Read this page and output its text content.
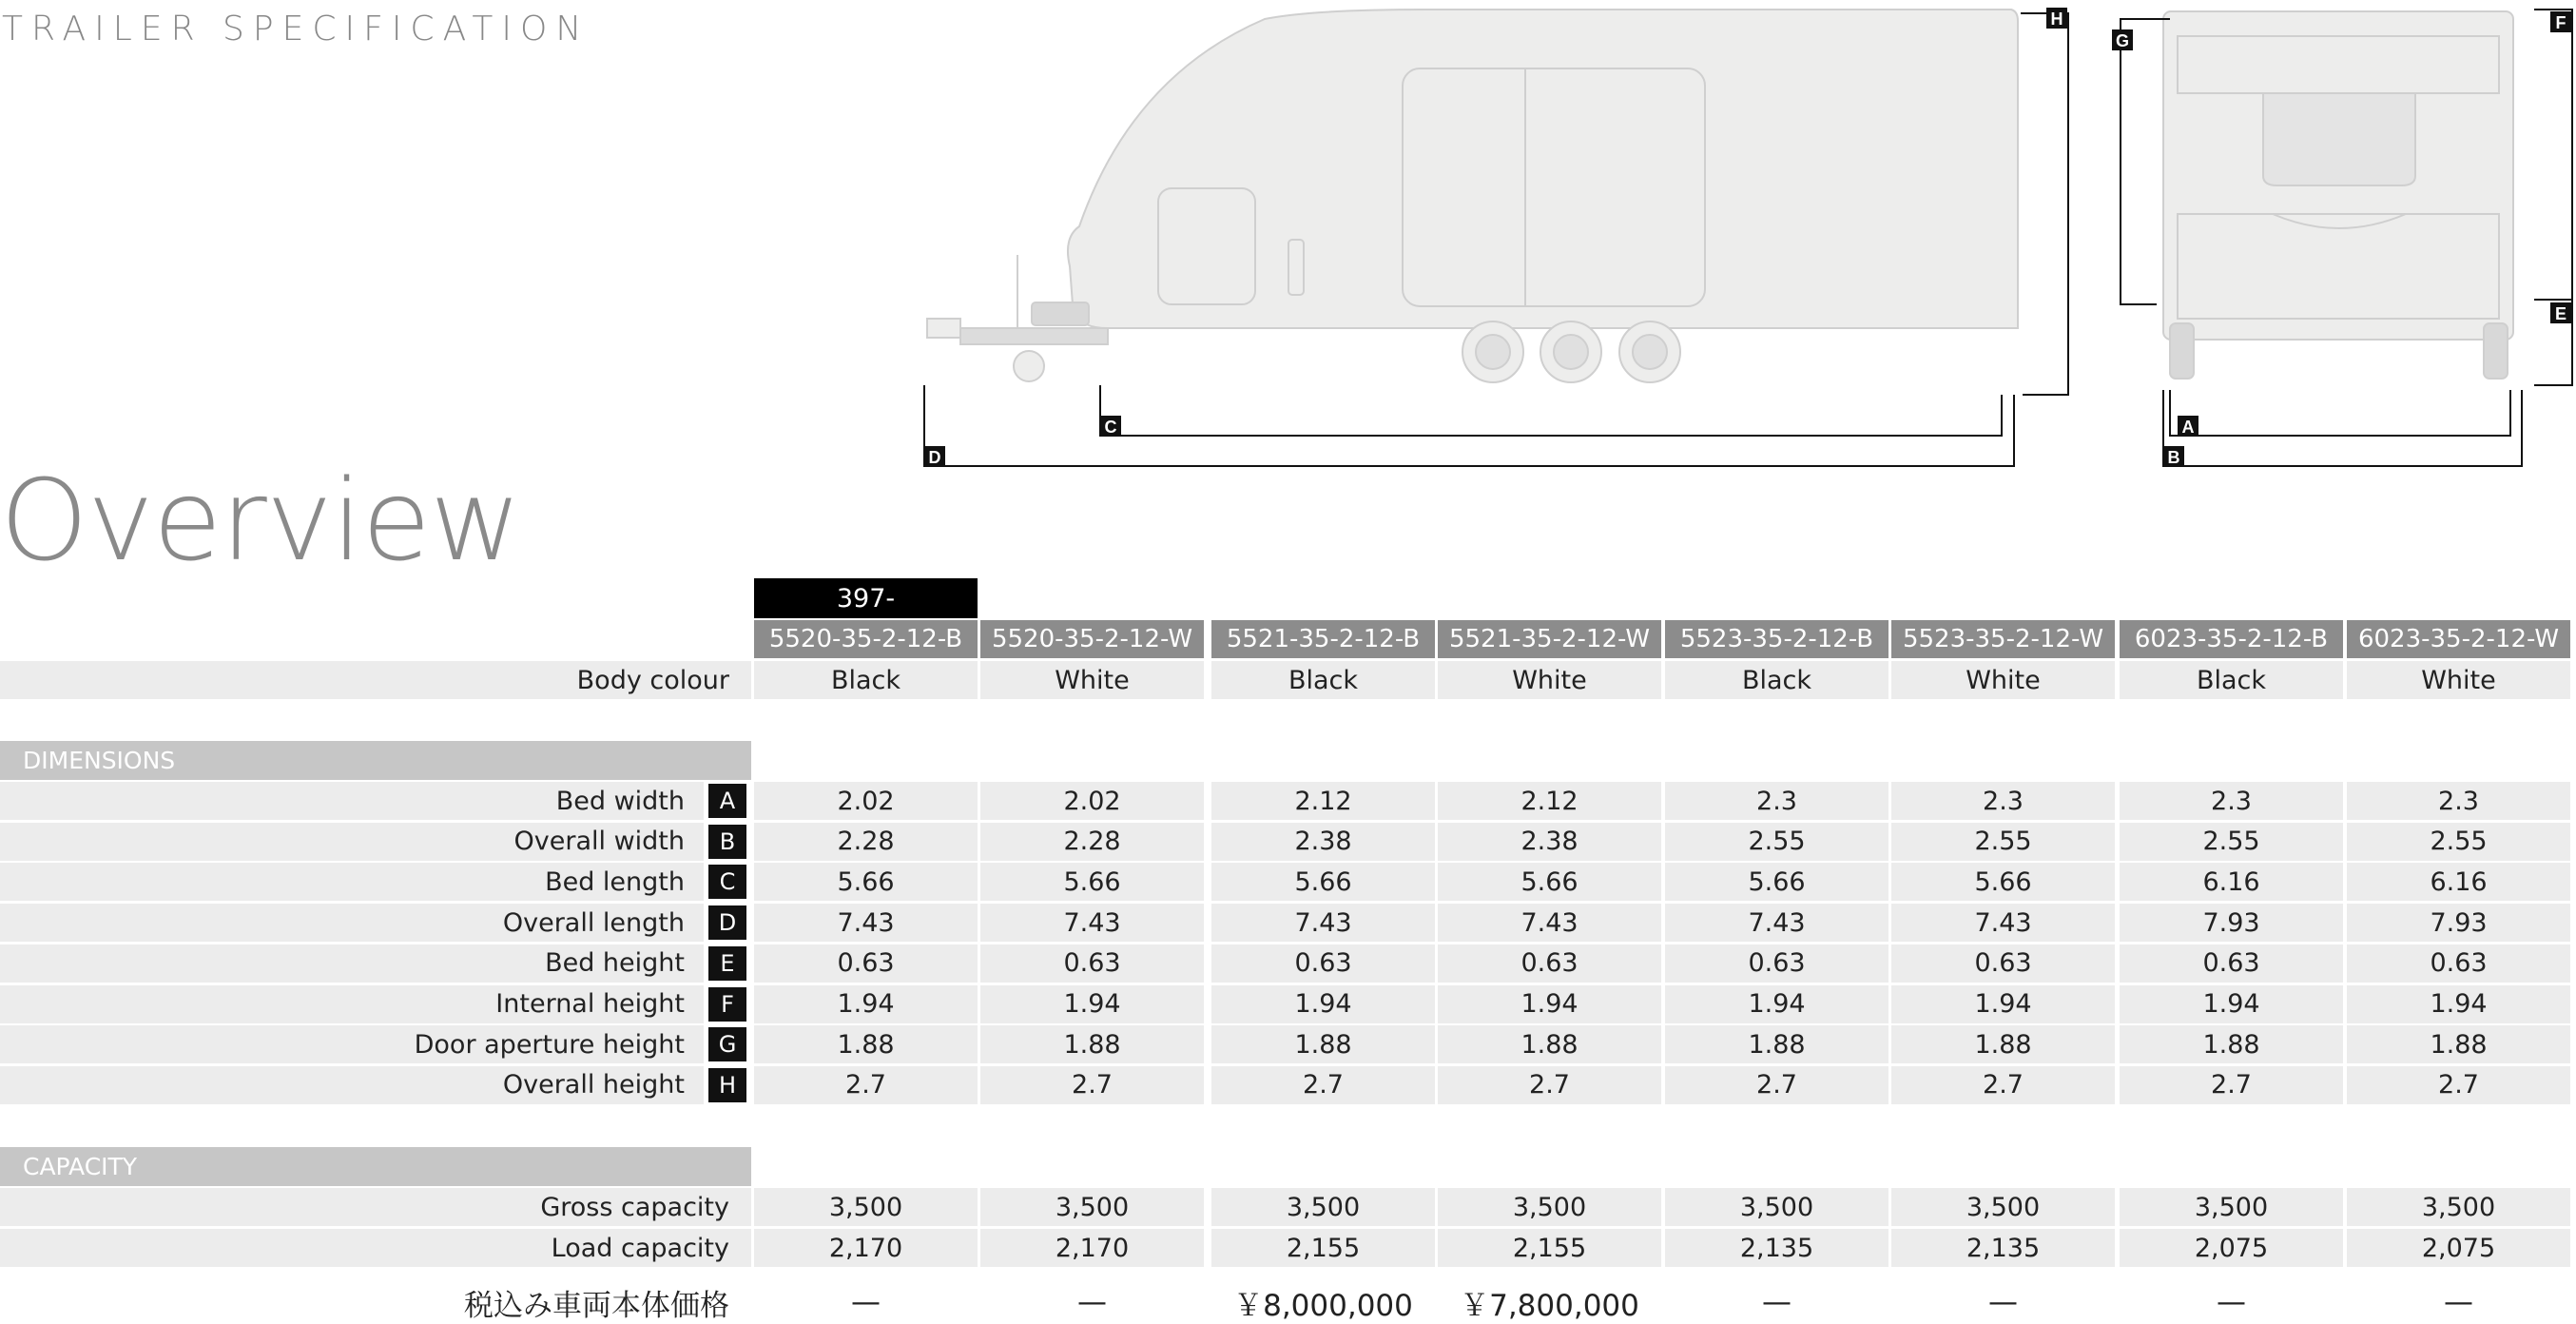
TRAILER SPECIFICATION	H
C
D
G
F
E
A
B
Overview
397-
5520-35-2-12-B	5520-35-2-12-W	5521-35-2-12-B	5521-35-2-12-W	5523-35-2-12-B	5523-35-2-12-W	6023-35-2-12-B	6023-35-2-12-W
Body colour	Black	White	Black	White	Black	White	Black	White
DIMENSIONS
Bed width	A	2.02	2.02	2.12	2.12	2.3	2.3	2.3	2.3
Overall width	B	2.28	2.28	2.38	2.38	2.55	2.55	2.55	2.55
Bed length	C	5.66	5.66	5.66	5.66	5.66	5.66	6.16	6.16
Overall length	D	7.43	7.43	7.43	7.43	7.43	7.43	7.93	7.93
Bed height	E	0.63	0.63	0.63	0.63	0.63	0.63	0.63	0.63
Internal height	F	1.94	1.94	1.94	1.94	1.94	1.94	1.94	1.94
Door aperture height	G	1.88	1.88	1.88	1.88	1.88	1.88	1.88	1.88
Overall height	H	2.7	2.7	2.7	2.7	2.7	2.7	2.7	2.7
CAPACITY
Gross capacity	3,500	3,500	3,500	3,500	3,500	3,500	3,500	3,500
Load capacity	2,170	2,170	2,155	2,155	2,135	2,135	2,075	2,075
税込み車両本体価格	—	—	￥8,000,000	￥7,800,000	—	—	—	—
